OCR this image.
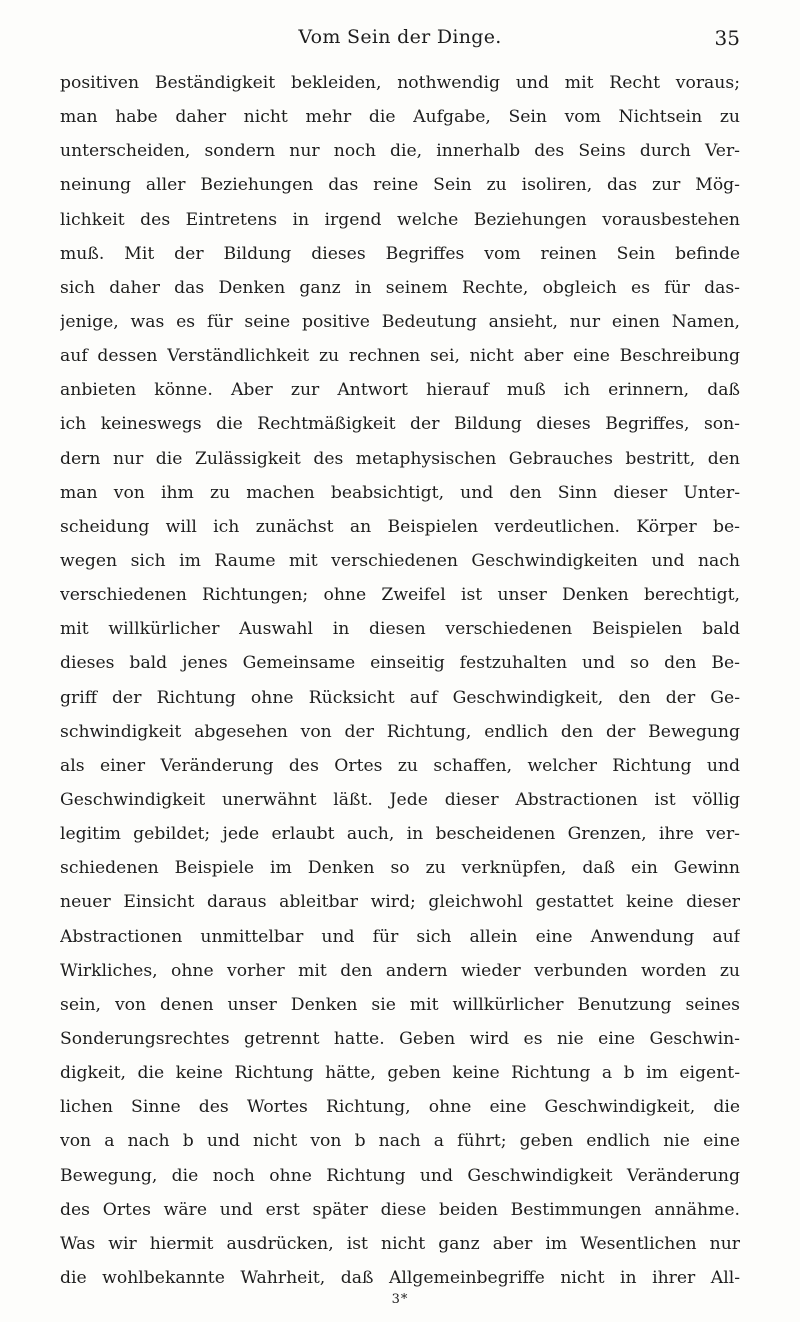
Vom Sein der Dinge.	35
positiven Beständigkeit bekleiden, nothwendig und mit Recht voraus;
man habe daher nicht mehr die Aufgabe, Sein vom Nichtsein zu
unterscheiden, sondern nur noch die, innerhalb des Seins durch Ver-
neinung aller Beziehungen das reine Sein zu isoliren, das zur Mög-
lichkeit des Eintretens in irgend welche Beziehungen vorausbestehen
muß. Mit der Bildung dieses Begriffes vom reinen Sein befinde
sich daher das Denken ganz in seinem Rechte, obgleich es für das-
jenige, was es für seine positive Bedeutung ansieht, nur einen Namen,
auf dessen Verständlichkeit zu rechnen sei, nicht aber eine Beschreibung
anbieten könne. Aber zur Antwort hierauf muß ich erinnern, daß
ich keineswegs die Rechtmäßigkeit der Bildung dieses Begriffes, son-
dern nur die Zulässigkeit des metaphysischen Gebrauches bestritt, den
man von ihm zu machen beabsichtigt, und den Sinn dieser Unter-
scheidung will ich zunächst an Beispielen verdeutlichen. Körper be-
wegen sich im Raume mit verschiedenen Geschwindigkeiten und nach
verschiedenen Richtungen; ohne Zweifel ist unser Denken berechtigt,
mit willkürlicher Auswahl in diesen verschiedenen Beispielen bald
dieses bald jenes Gemeinsame einseitig festzuhalten und so den Be-
griff der Richtung ohne Rücksicht auf Geschwindigkeit, den der Ge-
schwindigkeit abgesehen von der Richtung, endlich den der Bewegung
als einer Veränderung des Ortes zu schaffen, welcher Richtung und
Geschwindigkeit unerwähnt läßt. Jede dieser Abstractionen ist völlig
legitim gebildet; jede erlaubt auch, in bescheidenen Grenzen, ihre ver-
schiedenen Beispiele im Denken so zu verknüpfen, daß ein Gewinn
neuer Einsicht daraus ableitbar wird; gleichwohl gestattet keine dieser
Abstractionen unmittelbar und für sich allein eine Anwendung auf
Wirkliches, ohne vorher mit den andern wieder verbunden worden zu
sein, von denen unser Denken sie mit willkürlicher Benutzung seines
Sonderungsrechtes getrennt hatte. Geben wird es nie eine Geschwin-
digkeit, die keine Richtung hätte, geben keine Richtung a b im eigent-
lichen Sinne des Wortes Richtung, ohne eine Geschwindigkeit, die
von a nach b und nicht von b nach a führt; geben endlich nie eine
Bewegung, die noch ohne Richtung und Geschwindigkeit Veränderung
des Ortes wäre und erst später diese beiden Bestimmungen annähme.
Was wir hiermit ausdrücken, ist nicht ganz aber im Wesentlichen nur
die wohlbekannte Wahrheit, daß Allgemeinbegriffe nicht in ihrer All-
3*
